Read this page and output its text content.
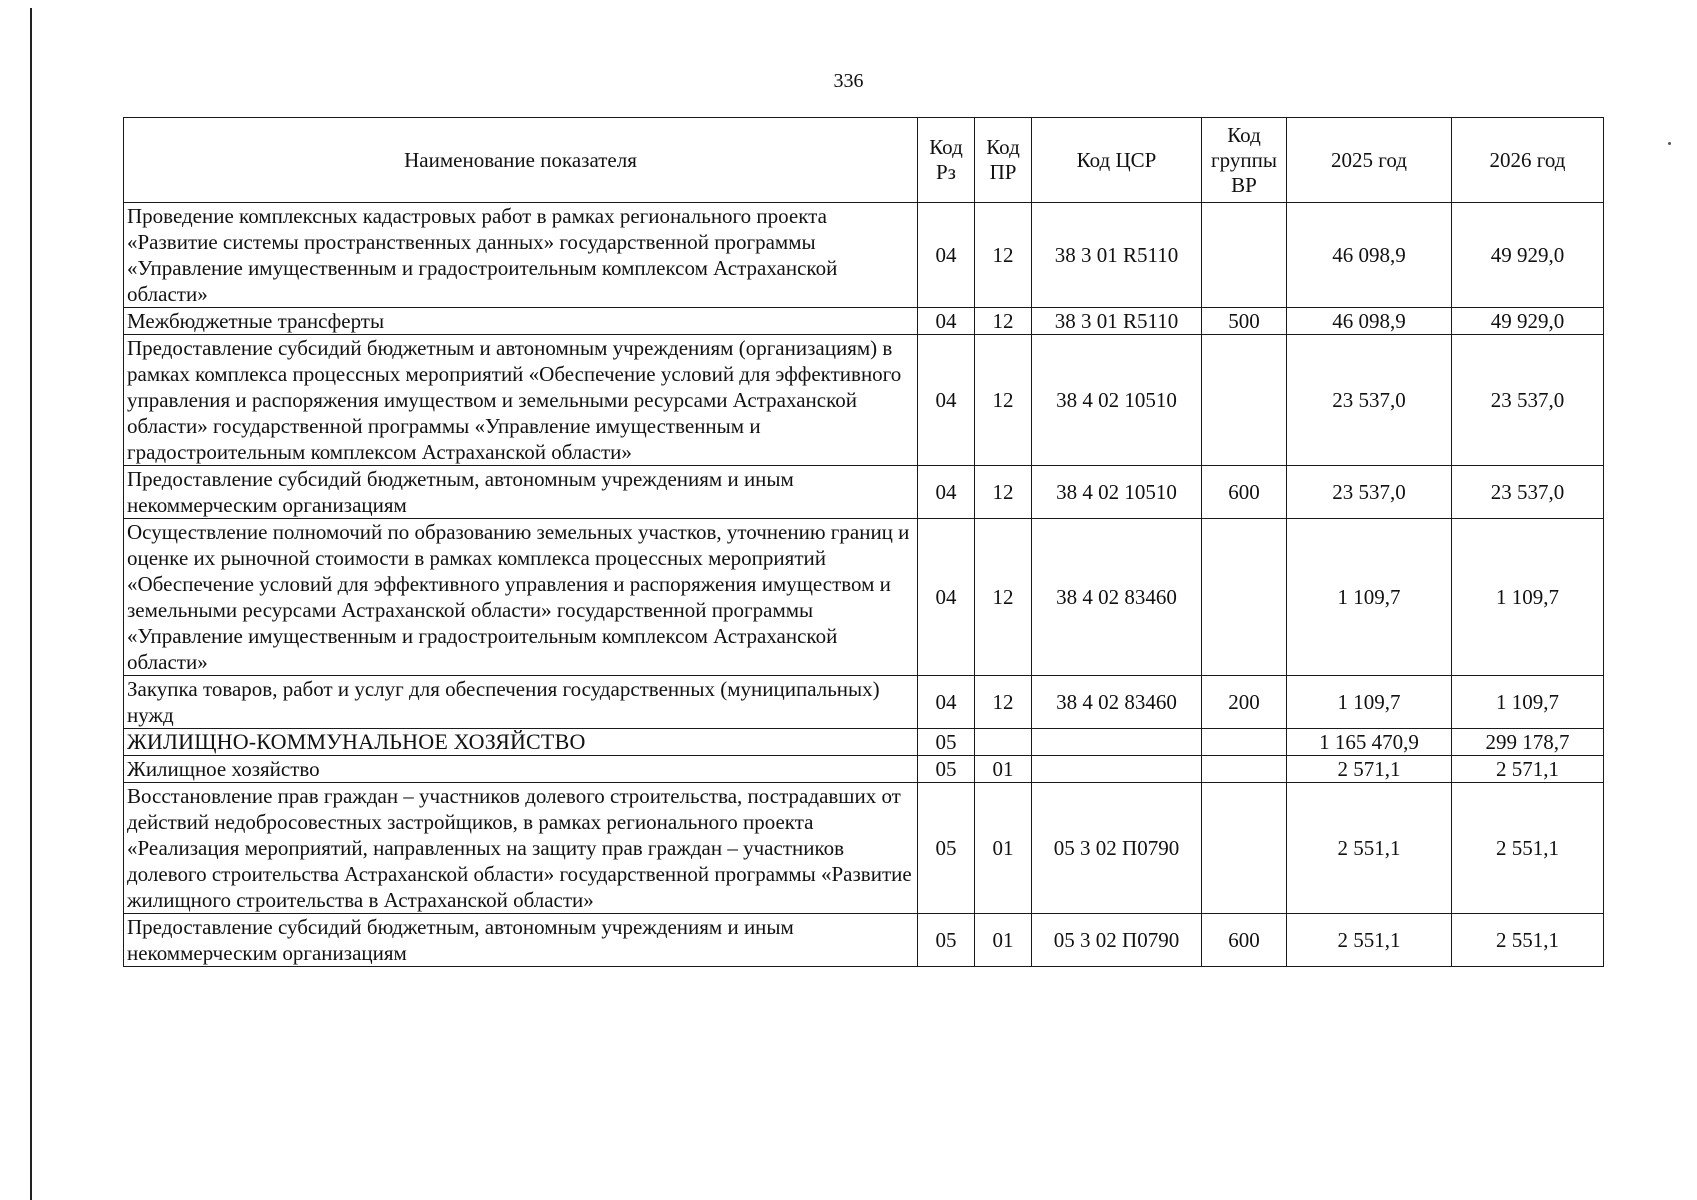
336
Наименование показателя	Код Рз	Код ПР	Код ЦСР	Код группы ВР	2025 год	2026 год
Проведение комплексных кадастровых работ в рамках регионального проекта «Развитие системы пространственных данных» государственной программы «Управление имущественным и градостроительным комплексом Астраханской области»	04	12	38 3 01 R5110		46 098,9	49 929,0
Межбюджетные трансферты	04	12	38 3 01 R5110	500	46 098,9	49 929,0
Предоставление субсидий бюджетным и автономным учреждениям (организациям) в рамках комплекса процессных мероприятий «Обеспечение условий для эффективного управления и распоряжения имуществом и земельными ресурсами Астраханской области» государственной программы «Управление имущественным и градостроительным комплексом Астраханской области»	04	12	38 4 02 10510		23 537,0	23 537,0
Предоставление субсидий бюджетным, автономным учреждениям и иным некоммерческим организациям	04	12	38 4 02 10510	600	23 537,0	23 537,0
Осуществление полномочий по образованию земельных участков, уточнению границ и оценке их рыночной стоимости в рамках комплекса процессных мероприятий «Обеспечение условий для эффективного управления и распоряжения имуществом и земельными ресурсами Астраханской области» государственной программы «Управление имущественным и градостроительным комплексом Астраханской области»	04	12	38 4 02 83460		1 109,7	1 109,7
Закупка товаров, работ и услуг для обеспечения государственных (муниципальных) нужд	04	12	38 4 02 83460	200	1 109,7	1 109,7
ЖИЛИЩНО-КОММУНАЛЬНОЕ ХОЗЯЙСТВО	05				1 165 470,9	299 178,7
Жилищное хозяйство	05	01			2 571,1	2 571,1
Восстановление прав граждан – участников долевого строительства, пострадавших от действий недобросовестных застройщиков, в рамках регионального проекта «Реализация мероприятий, направленных на защиту прав граждан – участников долевого строительства Астраханской области» государственной программы «Развитие жилищного строительства в Астраханской области»	05	01	05 3 02 П0790		2 551,1	2 551,1
Предоставление субсидий бюджетным, автономным учреждениям и иным некоммерческим организациям	05	01	05 3 02 П0790	600	2 551,1	2 551,1
